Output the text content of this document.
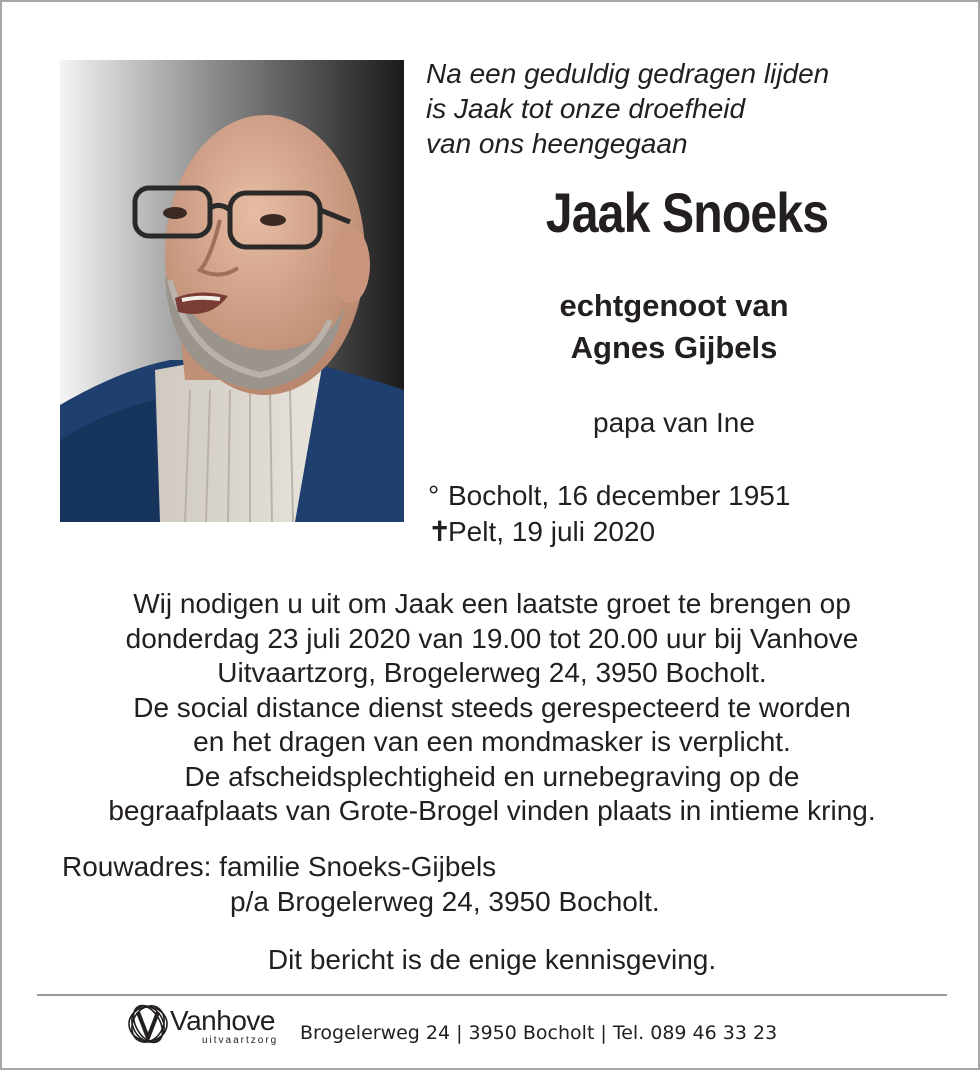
Na een geduldig gedragen lijden
is Jaak tot onze droefheid
van ons heengegaan
Jaak Snoeks
echtgenoot van
Agnes Gijbels
papa van Ine
° Bocholt, 16 december 1951
✝Pelt, 19 juli 2020
Wij nodigen u uit om Jaak een laatste groet te brengen op
donderdag 23 juli 2020 van 19.00 tot 20.00 uur bij Vanhove
Uitvaartzorg, Brogelerweg 24, 3950 Bocholt.
De social distance dienst steeds gerespecteerd te worden
en het dragen van een mondmasker is verplicht.
De afscheidsplechtigheid en urnebegraving op de
begraafplaats van Grote-Brogel vinden plaats in intieme kring.
Rouwadres: familie Snoeks-Gijbels
p/a Brogelerweg 24, 3950 Bocholt.
Dit bericht is de enige kennisgeving.
Vanhove
uitvaartzorg Brogelerweg 24 | 3950 Bocholt | Tel. 089 46 33 23
